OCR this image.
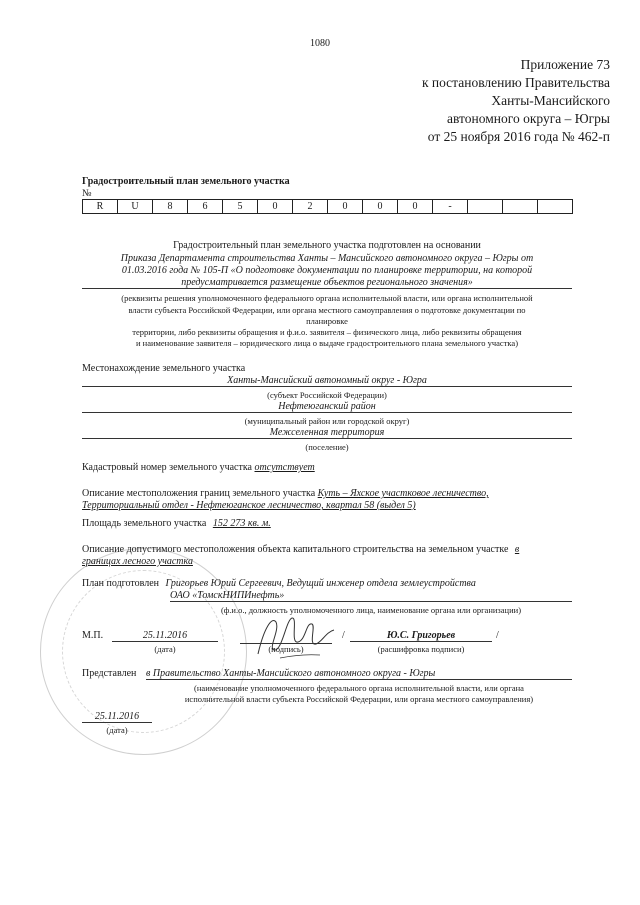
1080
Приложение 73
к постановлению Правительства
Ханты-Мансийского
автономного округа – Югры
от 25 ноября 2016 года № 462-п
Градостроительный план земельного участка
№
R	U	8	6	5	0	2	0	0	0	-			
Градостроительный план земельного участка подготовлен на основании
Приказа Департамента строительства Ханты – Мансийского автономного округа – Югры от
01.03.2016 года № 105-П «О подготовке документации по планировке территории, на которой
предусматривается размещение объектов регионального значения»
(реквизиты решения уполномоченного федерального органа исполнительной власти, или органа исполнительной
власти субъекта Российской Федерации, или органа местного самоуправления о подготовке документации по
планировке
территории, либо реквизиты обращения и ф.и.о. заявителя – физического лица, либо реквизиты обращения
и наименование заявителя – юридического лица о выдаче градостроительного плана земельного участка)
Местонахождение земельного участка
Ханты-Мансийский автономный округ - Югра
(субъект Российской Федерации)
Нефтеюганский район
(муниципальный район или городской округ)
Межселенная территория
(поселение)
Кадастровый номер земельного участка отсутствует
Описание местоположения границ земельного участка Куть – Яхское участковое лесничество,
Территориальный отдел - Нефтеюганское лесничество, квартал 58 (выдел 5)
Площадь земельного участка 152 273 кв. м.
Описание допустимого местоположения объекта капитального строительства на земельном участке в
границах лесного участка
План подготовлен Григорьев Юрий Сергеевич, Ведущий инженер отдела землеустройства
ОАО «ТомскНИПИнефть»
(ф.и.о., должность уполномоченного лица, наименование органа или организации)
М.П.	25.11.2016
(дата)	(подпись)
/	Ю.С. Григорьев	/
(расшифровка подписи)
Представлен в Правительство Ханты-Мансийского автономного округа - Югры
(наименование уполномоченного федерального органа исполнительной власти, или органа
исполнительной власти субъекта Российской Федерации, или органа местного самоуправления)
25.11.2016
(дата)
